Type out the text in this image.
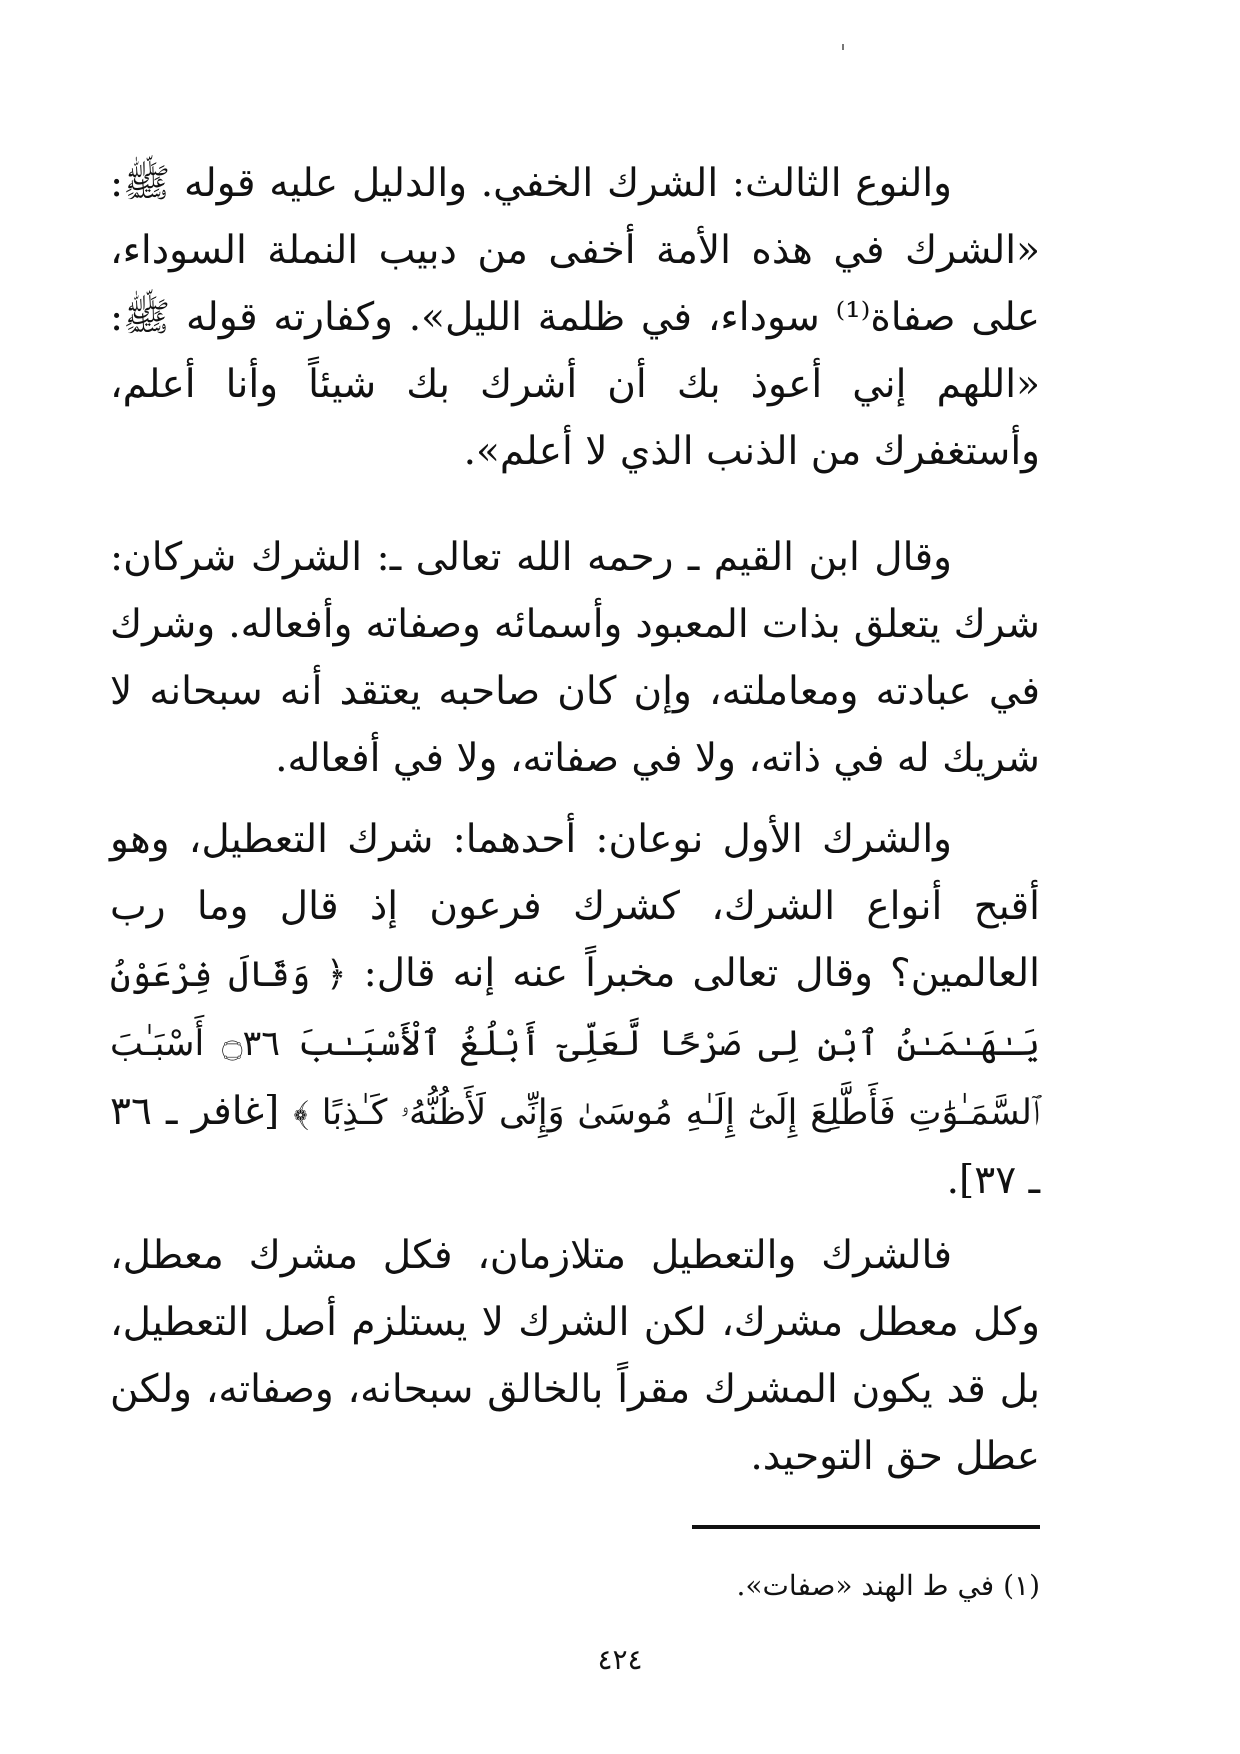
والنوع الثالث: الشرك الخفي. والدليل عليه قوله ﷺ: «الشرك في هذه الأمة أخفى من دبيب النملة السوداء، على صفاة⁽¹⁾ سوداء، في ظلمة الليل». وكفارته قوله ﷺ: «اللهم إني أعوذ بك أن أشرك بك شيئاً وأنا أعلم، وأستغفرك من الذنب الذي لا أعلم».

وقال ابن القيم ـ رحمه الله تعالى ـ: الشرك شركان: شرك يتعلق بذات المعبود وأسمائه وصفاته وأفعاله. وشرك في عبادته ومعاملته، وإن كان صاحبه يعتقد أنه سبحانه لا شريك له في ذاته، ولا في صفاته، ولا في أفعاله.

والشرك الأول نوعان: أحدهما: شرك التعطيل، وهو أقبح أنواع الشرك، كشرك فرعون إذ قال وما رب العالمين؟ وقال تعالى مخبراً عنه إنه قال: ﴿ وَقَالَ فِرْعَوْنُ يَـٰهَـٰمَـٰنُ ٱبْنِ لِى صَرْحًا لَّعَلِّىٓ أَبْلُغُ ٱلْأَسْبَـٰبَ ۝٣٦ أَسْبَـٰبَ ٱلسَّمَـٰوَٰتِ فَأَطَّلِعَ إِلَىٰٓ إِلَـٰهِ مُوسَىٰ وَإِنِّى لَأَظُنُّهُۥ كَـٰذِبًا ﴾ [غافر ـ ٣٦ ـ ٣٧].

فالشرك والتعطيل متلازمان، فكل مشرك معطل، وكل معطل مشرك، لكن الشرك لا يستلزم أصل التعطيل، بل قد يكون المشرك مقراً بالخالق سبحانه، وصفاته، ولكن عطل حق التوحيد.

(١) في ط الهند «صفات».
٤٢٤
